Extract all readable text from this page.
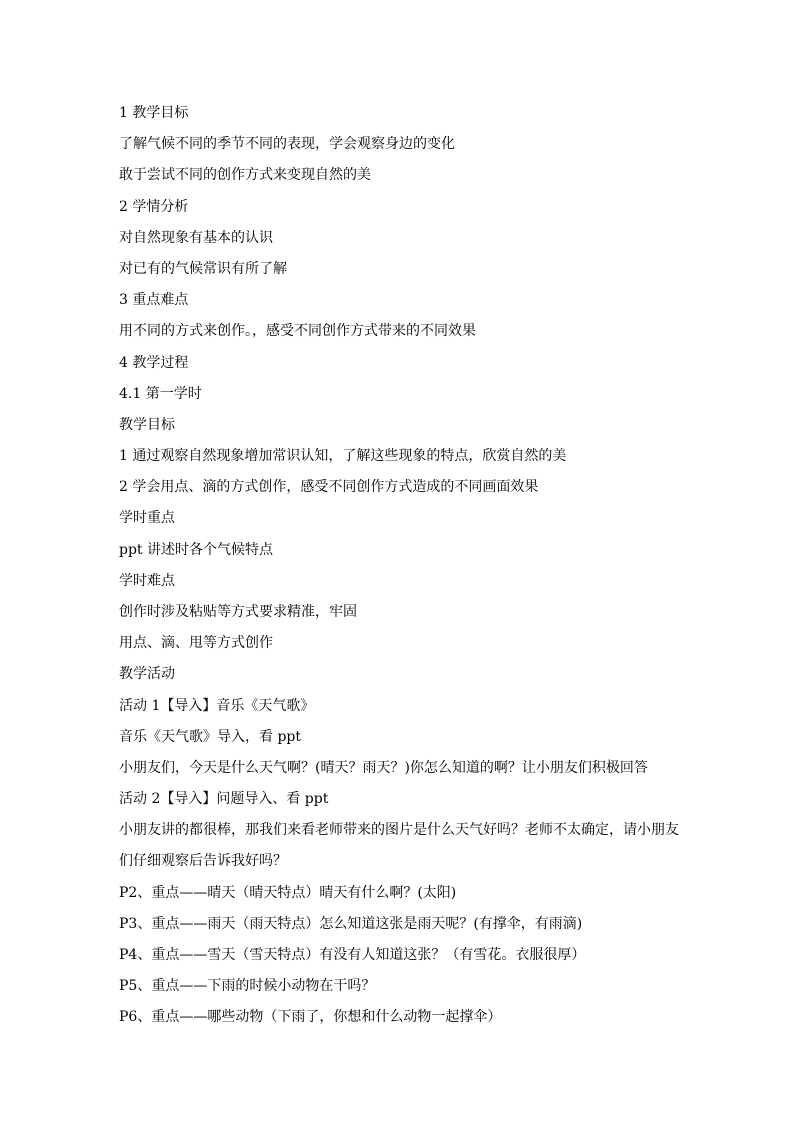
1 教学目标
了解气候不同的季节不同的表现，学会观察身边的变化
敢于尝试不同的创作方式来变现自然的美
2 学情分析
对自然现象有基本的认识
对已有的气候常识有所了解
3 重点难点
用不同的方式来创作。，感受不同创作方式带来的不同效果
4 教学过程
4.1 第一学时
教学目标
1 通过观察自然现象增加常识认知，了解这些现象的特点，欣赏自然的美
2 学会用点、滴的方式创作，感受不同创作方式造成的不同画面效果
学时重点
ppt 讲述时各个气候特点
学时难点
创作时涉及粘贴等方式要求精准，牢固
用点、滴、甩等方式创作
教学活动
活动 1【导入】音乐《天气歌》
音乐《天气歌》导入，看 ppt
小朋友们，今天是什么天气啊？(晴天？雨天？)你怎么知道的啊？让小朋友们积极回答
活动 2【导入】问题导入、看 ppt
小朋友讲的都很棒，那我们来看老师带来的图片是什么天气好吗？老师不太确定，请小朋友们仔细观察后告诉我好吗？
P2、重点——晴天（晴天特点）晴天有什么啊？(太阳)
P3、重点——雨天（雨天特点）怎么知道这张是雨天呢？(有撑伞，有雨滴)
P4、重点——雪天（雪天特点）有没有人知道这张？（有雪花。衣服很厚）
P5、重点——下雨的时候小动物在干吗？
P6、重点——哪些动物（下雨了，你想和什么动物一起撑伞）
